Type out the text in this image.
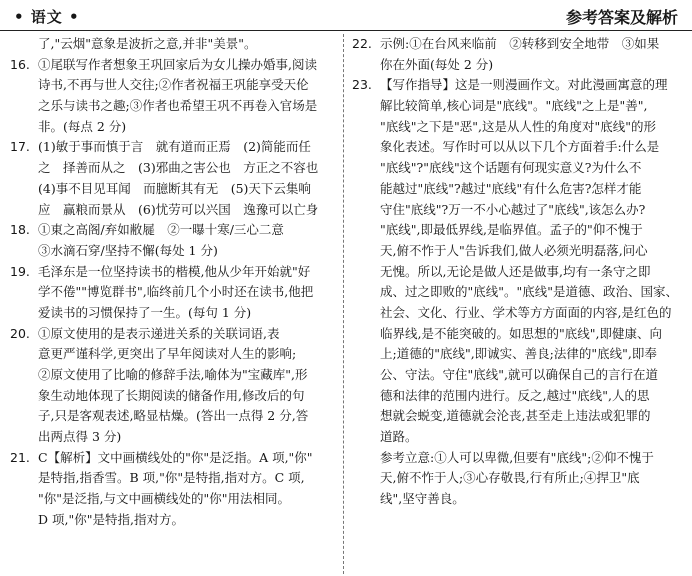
• 语文 •	参考答案及解析
了,"云烟"意象是波折之意,并非"美景"。
16. ①尾联写作者想象王巩回家后为女儿操办婚事,阅读
诗书,不再与世人交往;②作者祝福王巩能享受天伦
之乐与读书之趣;③作者也希望王巩不再卷入官场是
非。(每点 2 分)
17. (1)敏于事而慎于言　就有道而正焉　(2)简能而任
之　择善而从之　(3)邪曲之害公也　方正之不容也
(4)事不目见耳闻　而臆断其有无　(5)天下云集响
应　赢粮而景从　(6)忧劳可以兴国　逸豫可以亡身
18. ①東之高阁/弃如敝屣　②一曝十寒/三心二意
③水滴石穿/坚持不懈(每处 1 分)
19. 毛泽东是一位坚持读书的楷模,他从少年开始就"好
学不倦""博览群书",临终前几个小时还在读书,他把
爱读书的习惯保持了一生。(每句 1 分)
20. ①原文使用的是表示递进关系的关联词语,表
意更严谨科学,更突出了早年阅读对人生的影响;
②原文使用了比喻的修辞手法,喻体为"宝藏库",形
象生动地体现了长期阅读的储备作用,修改后的句
子,只是客观表述,略显枯燥。(答出一点得 2 分,答
出两点得 3 分)
21. C【解析】文中画横线处的"你"是泛指。A 项,"你"
是特指,指香雪。B 项,"你"是特指,指对方。C 项,
"你"是泛指,与文中画横线处的"你"用法相同。
D 项,"你"是特指,指对方。
22. 示例:①在台风来临前　②转移到安全地带　③如果
你在外面(每处 2 分)
23. 【写作指导】这是一则漫画作文。对此漫画寓意的理
解比较简单,核心词是"底线"。"底线"之上是"善",
"底线"之下是"恶",这是从人性的角度对"底线"的形
象化表述。写作时可以从以下几个方面着手:什么是
"底线"?"底线"这个话题有何现实意义?为什么不
能越过"底线"?越过"底线"有什么危害?怎样才能
守住"底线"?万一不小心越过了"底线",该怎么办?
"底线",即最低界线,是临界值。孟子的"仰不愧于
天,俯不怍于人"告诉我们,做人必须光明磊落,问心
无愧。所以,无论是做人还是做事,均有一条守之即
成、过之即败的"底线"。"底线"是道德、政治、国家、
社会、文化、行业、学术等方方面面的内容,是红色的
临界线,是不能突破的。如思想的"底线",即健康、向
上;道德的"底线",即诚实、善良;法律的"底线",即奉
公、守法。守住"底线",就可以确保自己的言行在道
德和法律的范围内进行。反之,越过"底线",人的思
想就会蜕变,道德就会沦丧,甚至走上违法或犯罪的
道路。
参考立意:①人可以卑微,但要有"底线";②仰不愧于
天,俯不怍于人;③心存敬畏,行有所止;④捍卫"底
线",坚守善良。
